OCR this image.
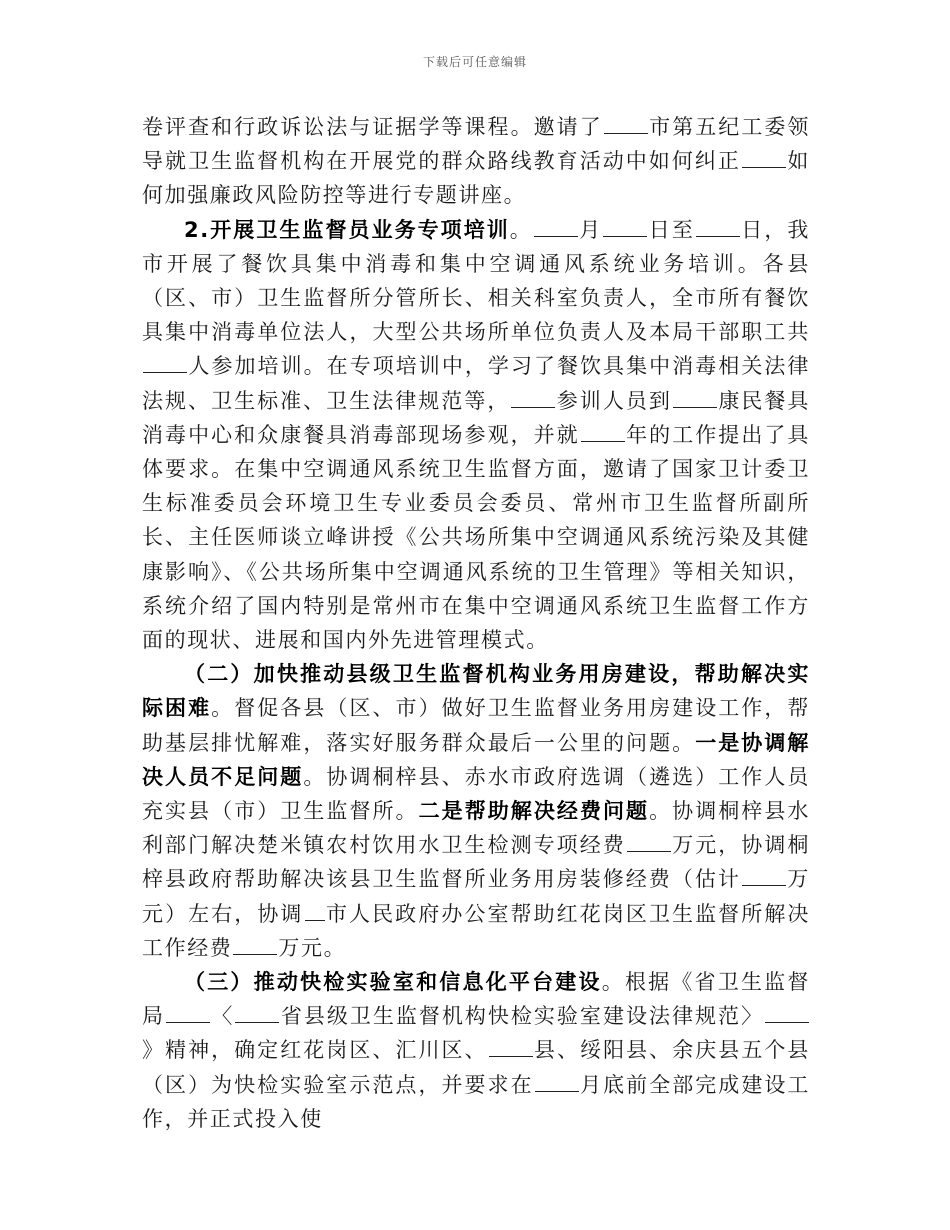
下载后可任意编辑

卷评查和行政诉讼法与证据学等课程。邀请了 市第五纪工委领导就卫生监督机构在开展党的群众路线教育活动中如何纠正 如何加强廉政风险防控等进行专题讲座。

2.开展卫生监督员业务专项培训。 月 日至 日，我市开展了餐饮具集中消毒和集中空调通风系统业务培训。各县（区、市）卫生监督所分管所长、相关科室负责人，全市所有餐饮具集中消毒单位法人，大型公共场所单位负责人及本局干部职工共人参加培训。在专项培训中，学习了餐饮具集中消毒相关法律法规、卫生标准、卫生法律规范等， 参训人员到 康民餐具消毒中心和众康餐具消毒部现场参观，并就 年的工作提出了具体要求。在集中空调通风系统卫生监督方面，邀请了国家卫计委卫生标准委员会环境卫生专业委员会委员、常州市卫生监督所副所长、主任医师谈立峰讲授《公共场所集中空调通风系统污染及其健康影响》、《公共场所集中空调通风系统的卫生管理》等相关知识，系统介绍了国内特别是常州市在集中空调通风系统卫生监督工作方面的现状、进展和国内外先进管理模式。

（二）加快推动县级卫生监督机构业务用房建设，帮助解决实际困难。督促各县（区、市）做好卫生监督业务用房建设工作，帮助基层排忧解难，落实好服务群众最后一公里的问题。一是协调解决人员不足问题。协调桐梓县、赤水市政府选调（遴选）工作人员充实县（市）卫生监督所。二是帮助解决经费问题。协调桐梓县水利部门解决楚米镇农村饮用水卫生检测专项经费 万元，协调桐梓县政府帮助解决该县卫生监督所业务用房装修经费（估计 万元）左右，协调 市人民政府办公室帮助红花岗区卫生监督所解决工作经费 万元。

（三）推动快检实验室和信息化平台建设。根据《省卫生监督局 〈 省县级卫生监督机构快检实验室建设法律规范〉》精神，确定红花岗区、汇川区、 县、绥阳县、余庆县五个县（区）为快检实验室示范点，并要求在 月底前全部完成建设工作，并正式投入使
